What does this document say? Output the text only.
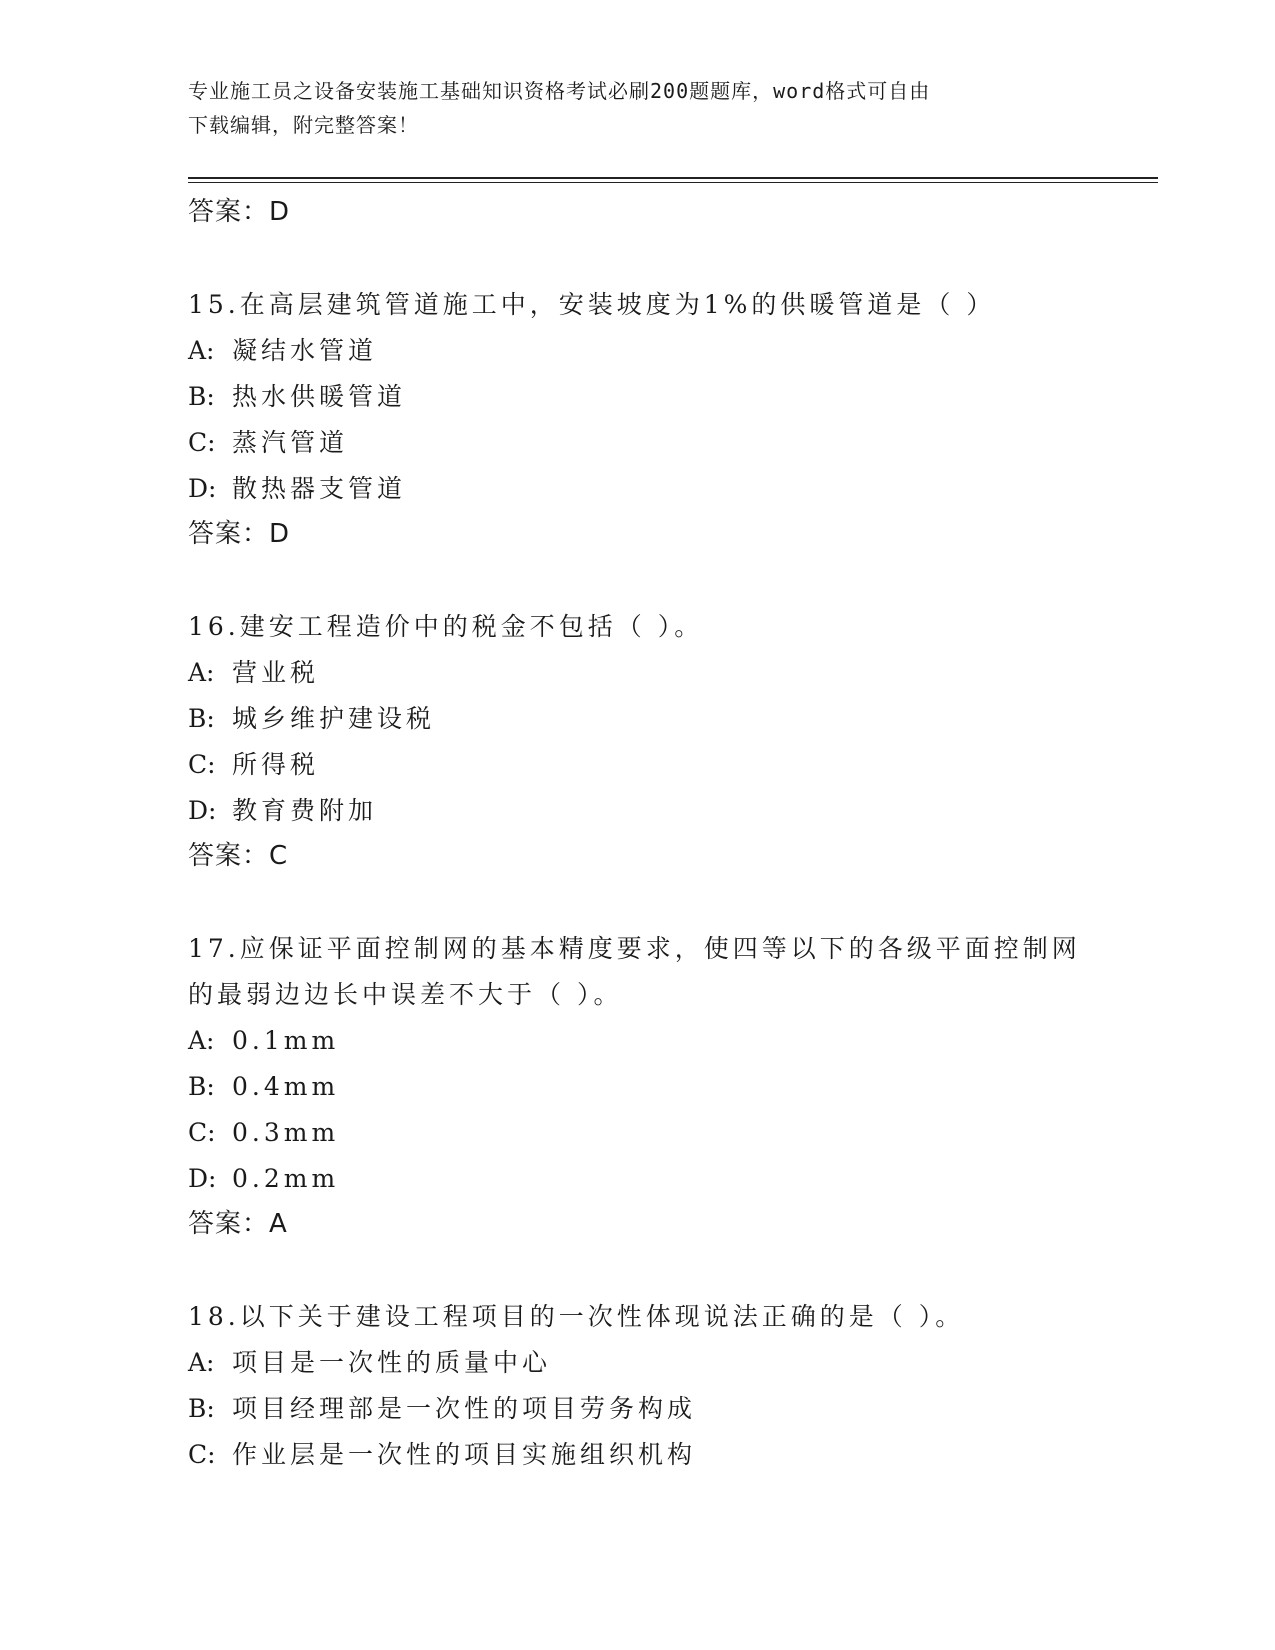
专业施工员之设备安装施工基础知识资格考试必刷200题题库，word格式可自由
下载编辑，附完整答案！
答案：D
15.在高层建筑管道施工中，安装坡度为1%的供暖管道是（ ）
A: 凝结水管道
B: 热水供暖管道
C: 蒸汽管道
D: 散热器支管道
答案：D
16.建安工程造价中的税金不包括（ ）。
A: 营业税
B: 城乡维护建设税
C: 所得税
D: 教育费附加
答案：C
17.应保证平面控制网的基本精度要求，使四等以下的各级平面控制网的最弱边边长中误差不大于（ ）。
A: 0.1mm
B: 0.4mm
C: 0.3mm
D: 0.2mm
答案：A
18.以下关于建设工程项目的一次性体现说法正确的是（ ）。
A: 项目是一次性的质量中心
B: 项目经理部是一次性的项目劳务构成
C: 作业层是一次性的项目实施组织机构
